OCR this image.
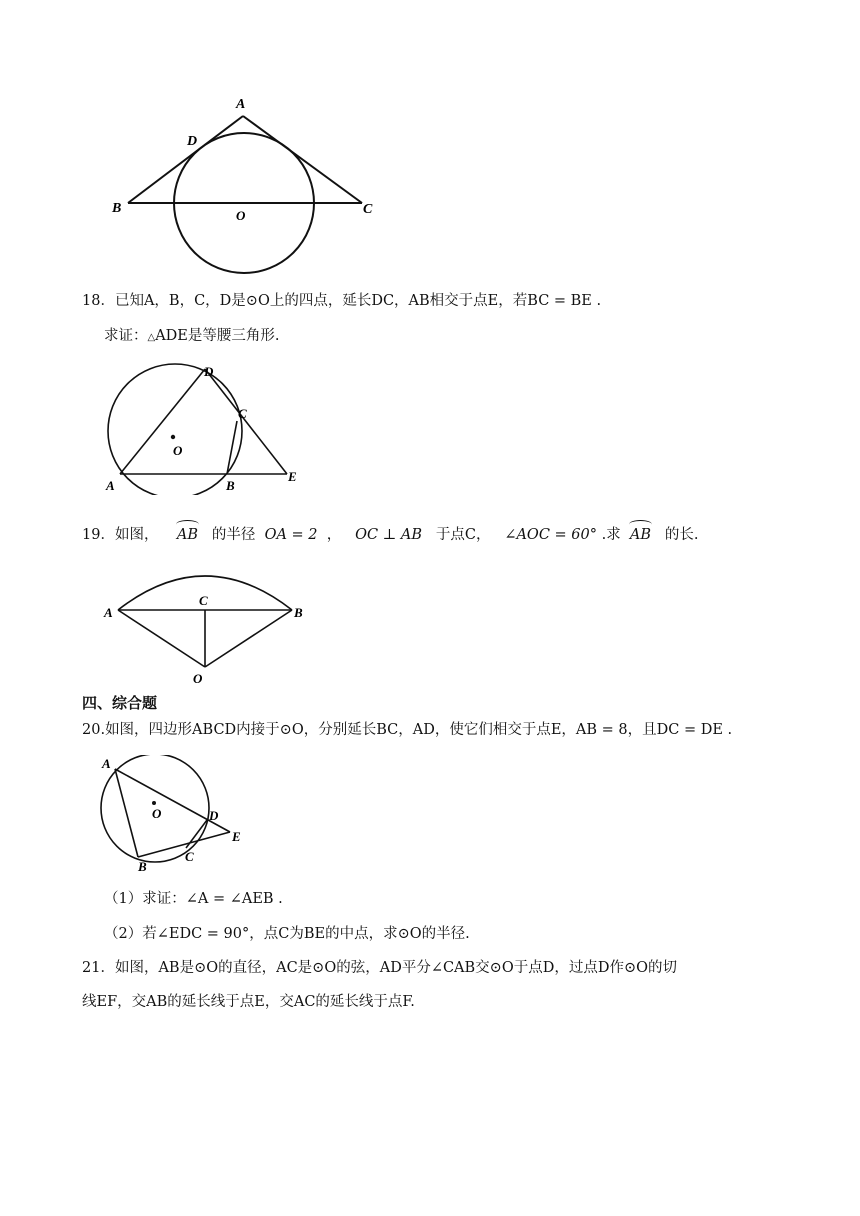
A
D
B	O	C
18．已知A，B，C，D是⊙O上的四点，延长DC，AB相交于点E，若BC = BE .
求证：△ADE是等腰三角形.
D
C
O
A	B
E
19．如图， AB 的半径 OA = 2 ， OC ⊥ AB 于点C， ∠AOC = 60° .求 AB 的长.
A
C
B
O
四、综合题
20.如图，四边形ABCD内接于⊙O，分别延长BC，AD，使它们相交于点E，AB = 8，且DC = DE .
A
O	D
E
C
B
（1）求证：∠A = ∠AEB .
（2）若∠EDC = 90°，点C为BE的中点，求⊙O的半径.
21．如图，AB是⊙O的直径，AC是⊙O的弦，AD平分∠CAB交⊙O于点D，过点D作⊙O的切
线EF，交AB的延长线于点E，交AC的延长线于点F.
